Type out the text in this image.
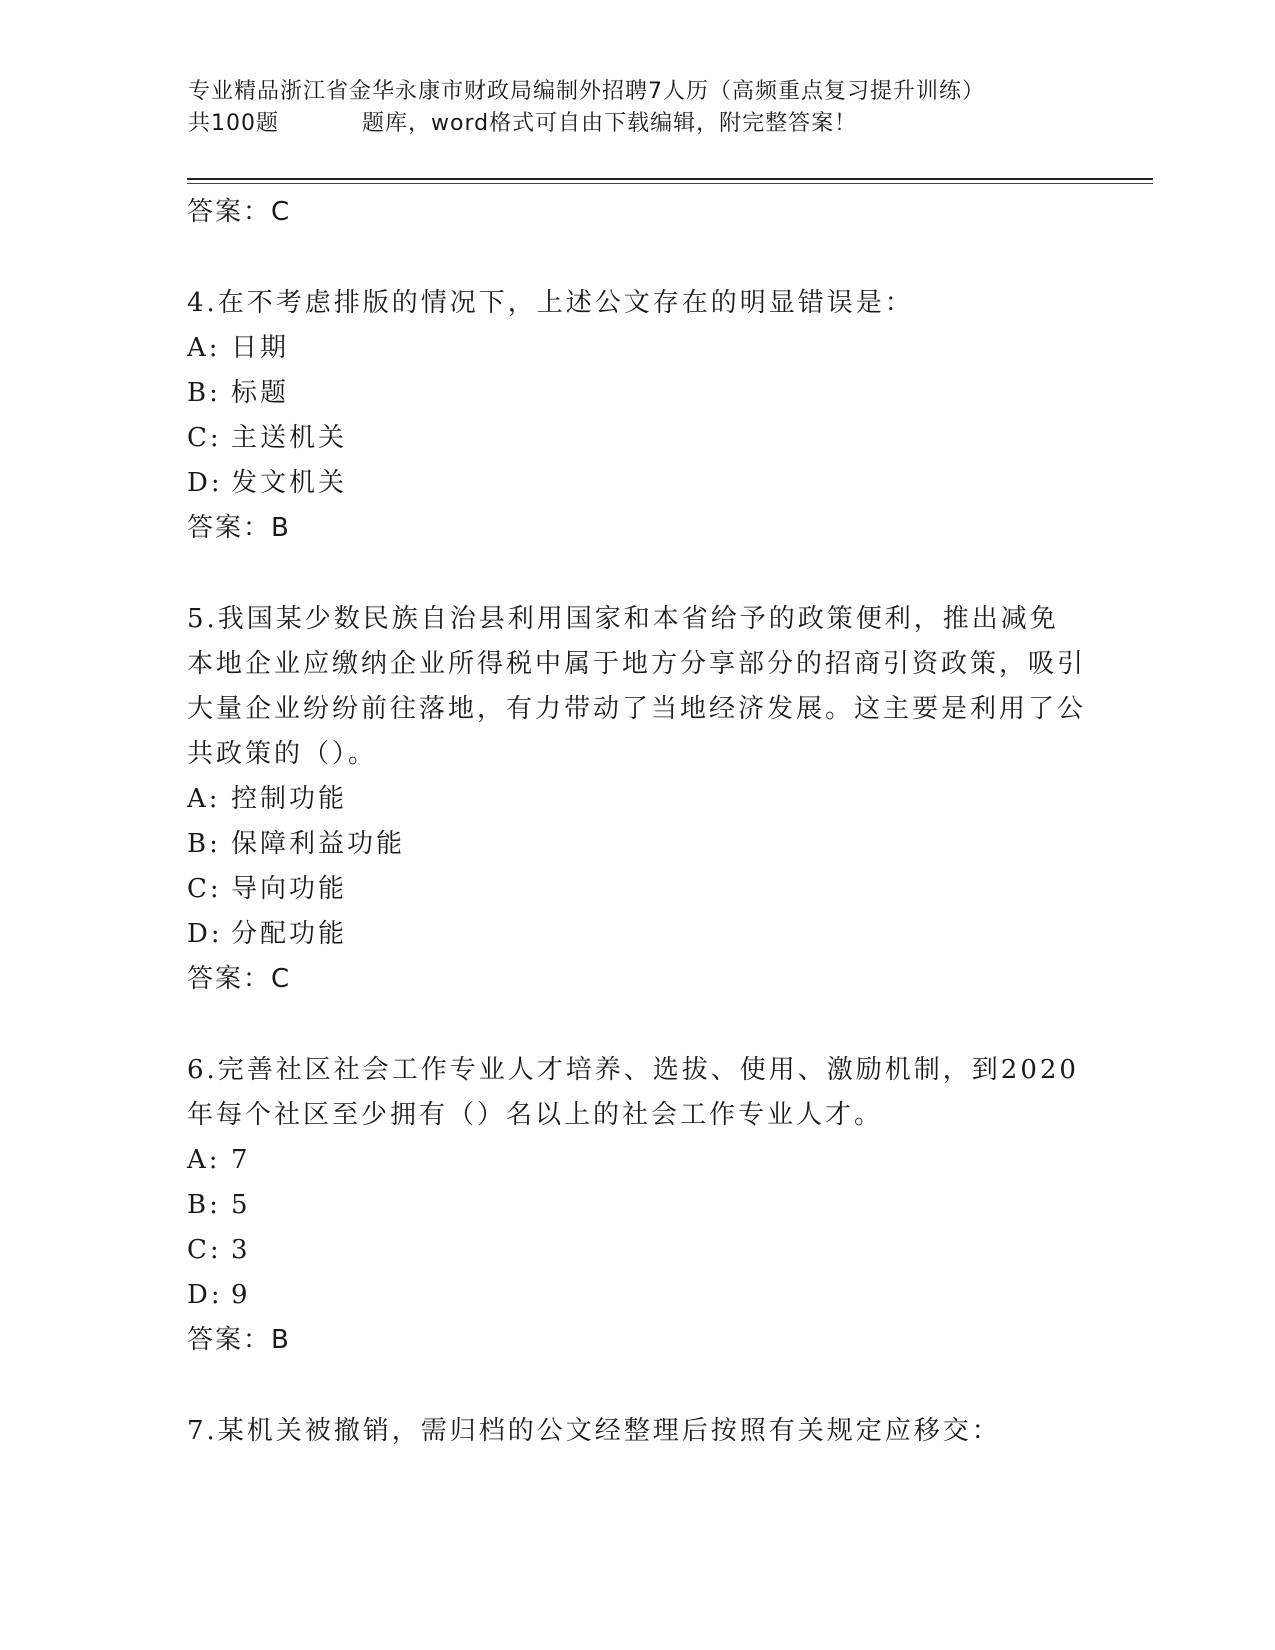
专业精品浙江省金华永康市财政局编制外招聘7人历（高频重点复习提升训练）
共100题	题库，word格式可自由下载编辑，附完整答案！
答案：C
4.在不考虑排版的情况下，上述公文存在的明显错误是：
A: 日期
B: 标题
C: 主送机关
D: 发文机关
答案：B
5.我国某少数民族自治县利用国家和本省给予的政策便利，推出减免本地企业应缴纳企业所得税中属于地方分享部分的招商引资政策，吸引大量企业纷纷前往落地，有力带动了当地经济发展。这主要是利用了公共政策的（）。
A: 控制功能
B: 保障利益功能
C: 导向功能
D: 分配功能
答案：C
6.完善社区社会工作专业人才培养、选拔、使用、激励机制，到2020年每个社区至少拥有（）名以上的社会工作专业人才。
A: 7
B: 5
C: 3
D: 9
答案：B
7.某机关被撤销，需归档的公文经整理后按照有关规定应移交：
